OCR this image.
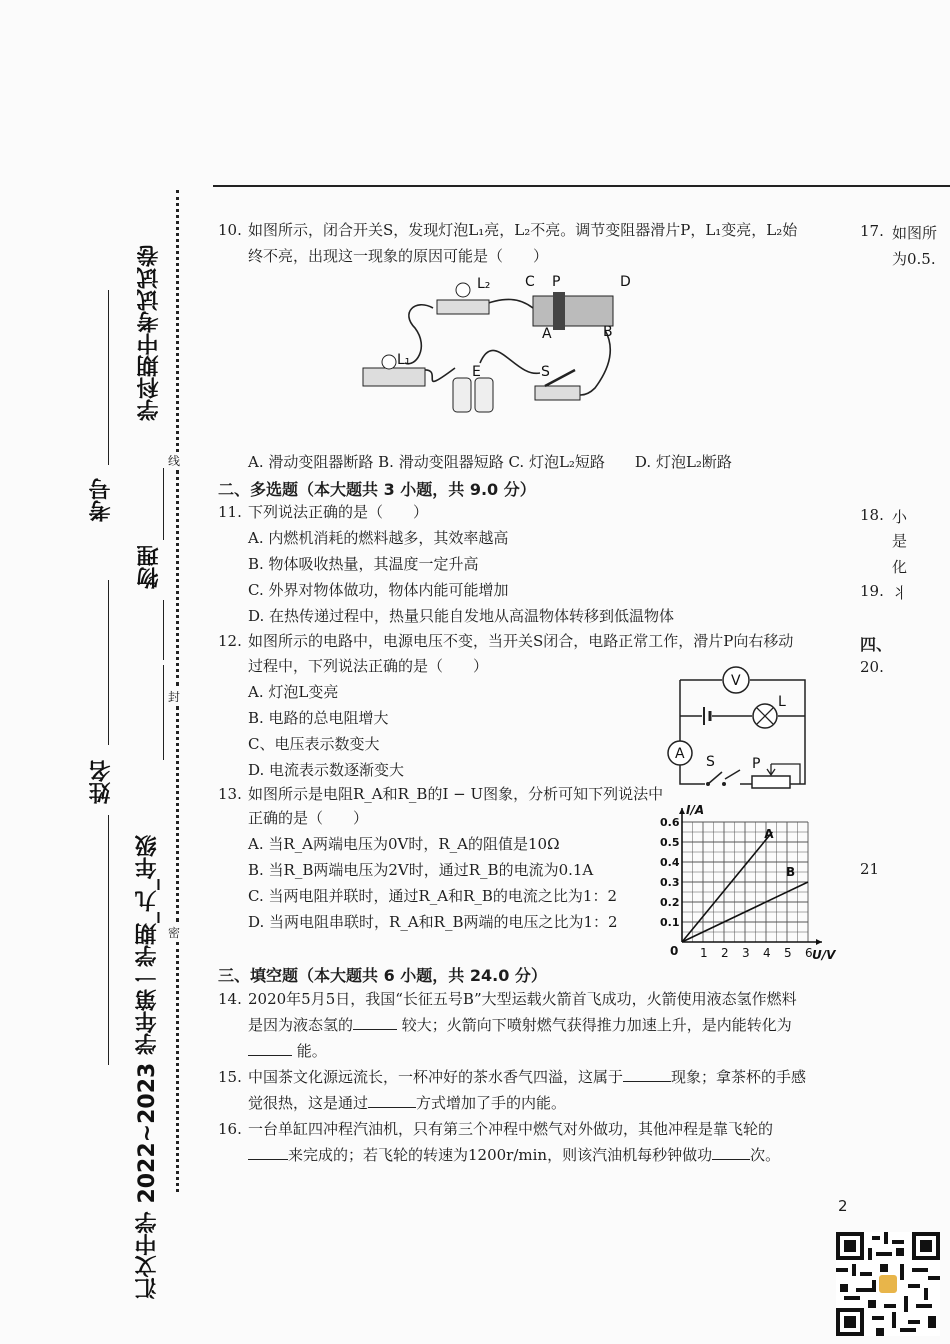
线
封
密
汇文中学 2022~2023 学年第一学期_九_年级
物理
学科期中考试试卷
姓名
考号
10. 如图所示，闭合开关S，发现灯泡L₁亮，L₂不亮。调节变阻器滑片P，L₁变亮，L₂始
终不亮，出现这一现象的原因可能是（　　）
L₂
L₁
C P	D
A	B
E	S
A. 滑动变阻器断路 B. 滑动变阻器短路 C. 灯泡L₂短路　　D. 灯泡L₂断路
二、多选题（本大题共 3 小题，共 9.0 分）
11. 下列说法正确的是（　　）
A. 内燃机消耗的燃料越多，其效率越高
B. 物体吸收热量，其温度一定升高
C. 外界对物体做功，物体内能可能增加
D. 在热传递过程中，热量只能自发地从高温物体转移到低温物体
12. 如图所示的电路中，电源电压不变，当开关S闭合，电路正常工作，滑片P向右移动
过程中，下列说法正确的是（　　）
A. 灯泡L变亮
B. 电路的总电阻增大
C、电压表示数变大
D. 电流表示数逐渐变大
V
L
A S	P
13. 如图所示是电阻R_A和R_B的I − U图象，分析可知下列说法中
正确的是（　　）
A. 当R_A两端电压为0V时，R_A的阻值是10Ω
B. 当R_B两端电压为2V时，通过R_B的电流为0.1A
C. 当两电阻并联时，通过R_A和R_B的电流之比为1：2
D. 当两电阻串联时，R_A和R_B两端的电压之比为1：2
1 2 3 4 5 6
0.1
0.2
0.3
0.4
0.5
0.6
0	U/V
I/A
A
B
三、填空题（本大题共 6 小题，共 24.0 分）
14. 2020年5月5日，我国“长征五号B”大型运载火箭首飞成功，火箭使用液态氢作燃料
是因为液态氢的	较大；火箭向下喷射燃气获得推力加速上升，是内能转化为
能。
15. 中国茶文化源远流长，一杯冲好的茶水香气四溢，这属于	现象；拿茶杯的手感
觉很热，这是通过	方式增加了手的内能。
16. 一台单缸四冲程汽油机，只有第三个冲程中燃气对外做功，其他冲程是靠飞轮的
来完成的；若飞轮的转速为1200r/min，则该汽油机每秒钟做功	次。
17. 如图所
为0.5.
18. 小
是
化
19. 丬
四、
20.
21
2
